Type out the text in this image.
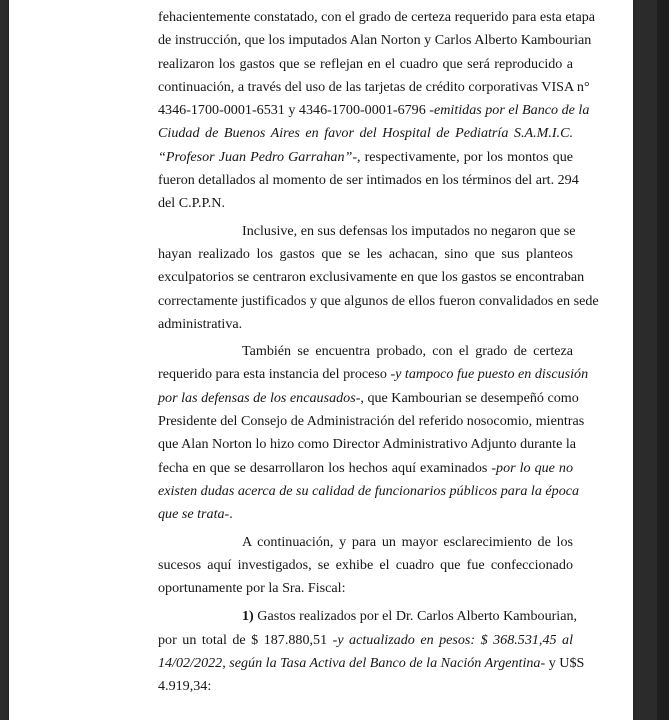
fehacientemente constatado, con el grado de certeza requerido para esta etapa
de instrucción, que los imputados Alan Norton y Carlos Alberto Kambourian
realizaron los gastos que se reflejan en el cuadro que será reproducido a
continuación, a través del uso de las tarjetas de crédito corporativas VISA n°
4346-1700-0001-6531 y 4346-1700-0001-6796 -emitidas por el Banco de la
Ciudad de Buenos Aires en favor del Hospital de Pediatría S.A.M.I.C.
“Profesor Juan Pedro Garrahan”-, respectivamente, por los montos que
fueron detallados al momento de ser intimados en los términos del art. 294
del C.P.P.N.
Inclusive, en sus defensas los imputados no negaron que se
hayan realizado los gastos que se les achacan, sino que sus planteos
exculpatorios se centraron exclusivamente en que los gastos se encontraban
correctamente justificados y que algunos de ellos fueron convalidados en sede
administrativa.
También se encuentra probado, con el grado de certeza
requerido para esta instancia del proceso -y tampoco fue puesto en discusión
por las defensas de los encausados-, que Kambourian se desempeñó como
Presidente del Consejo de Administración del referido nosocomio, mientras
que Alan Norton lo hizo como Director Administrativo Adjunto durante la
fecha en que se desarrollaron los hechos aquí examinados -por lo que no
existen dudas acerca de su calidad de funcionarios públicos para la época
que se trata-.
A continuación, y para un mayor esclarecimiento de los
sucesos aquí investigados, se exhibe el cuadro que fue confeccionado
oportunamente por la Sra. Fiscal:
1) Gastos realizados por el Dr. Carlos Alberto Kambourian,
por un total de $ 187.880,51 -y actualizado en pesos: $ 368.531,45 al
14/02/2022, según la Tasa Activa del Banco de la Nación Argentina- y U$S
4.919,34:
